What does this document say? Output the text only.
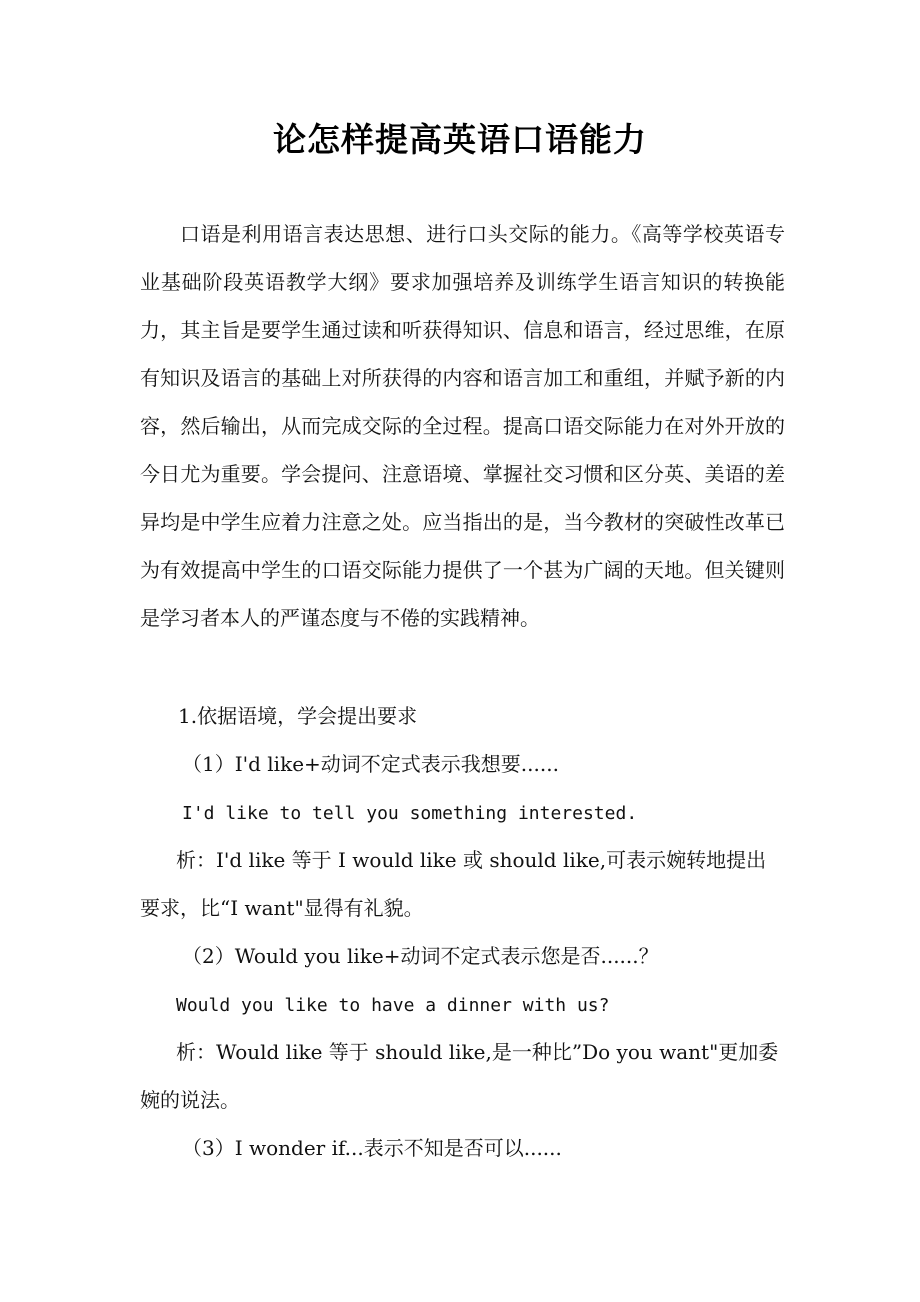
论怎样提高英语口语能力
口语是利用语言表达思想、进行口头交际的能力。《高等学校英语专业基础阶段英语教学大纲》要求加强培养及训练学生语言知识的转换能力，其主旨是要学生通过读和听获得知识、信息和语言，经过思维，在原有知识及语言的基础上对所获得的内容和语言加工和重组，并赋予新的内容，然后输出，从而完成交际的全过程。提高口语交际能力在对外开放的今日尤为重要。学会提问、注意语境、掌握社交习惯和区分英、美语的差异均是中学生应着力注意之处。应当指出的是，当今教材的突破性改革已为有效提高中学生的口语交际能力提供了一个甚为广阔的天地。但关键则是学习者本人的严谨态度与不倦的实践精神。
1.依据语境，学会提出要求
（1）I'd like+动词不定式表示我想要......
I'd like to tell you something interested.
析：I'd like 等于 I would like 或 should like,可表示婉转地提出要求，比“I want"显得有礼貌。
（2）Would you like+动词不定式表示您是否......？
Would you like to have a dinner with us?
析：Would like 等于 should like,是一种比”Do you want"更加委婉的说法。
（3）I wonder if...表示不知是否可以......
